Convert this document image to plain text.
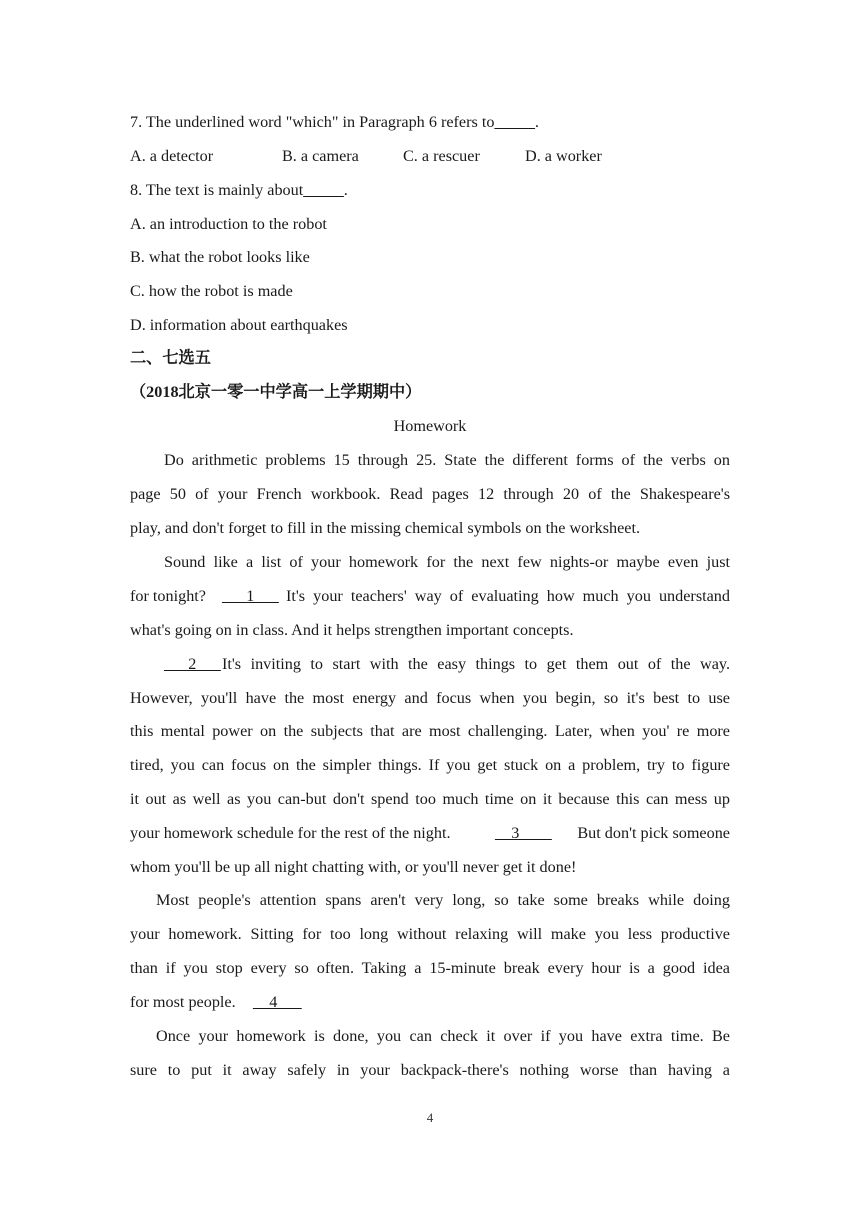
7. The underlined word "which" in Paragraph 6 refers to_____.
A. a detector	B. a camera	C. a rescuer	D. a worker
8. The text is mainly about_____.
A. an introduction to the robot
B. what the robot looks like
C. how the robot is made
D. information about earthquakes
二、七选五
（2018北京一零一中学高一上学期期中）
Homework
Do arithmetic problems 15 through 25. State the different forms of the verbs on
page 50 of your French workbook. Read pages 12 through 20 of the Shakespeare's
play, and don't forget to fill in the missing chemical symbols on the worksheet.
Sound like a list of your homework for the next few nights-or maybe even just
for tonight? ___1___ It's your teachers' way of evaluating how much you understand
what's going on in class. And it helps strengthen important concepts.
___2___ It's inviting to start with the easy things to get them out of the way.
However, you'll have the most energy and focus when you begin, so it's best to use
this mental power on the subjects that are most challenging. Later, when you' re more
tired, you can focus on the simpler things. If you get stuck on a problem, try to figure
it out as well as you can-but don't spend too much time on it because this can mess up
your homework schedule for the rest of the night.	__3____	But don't pick someone
whom you'll be up all night chatting with, or you'll never get it done!
Most people's attention spans aren't very long, so take some breaks while doing
your homework. Sitting for too long without relaxing will make you less productive
than if you stop every so often. Taking a 15-minute break every hour is a good idea
for most people. __4___
Once your homework is done, you can check it over if you have extra time. Be
sure to put it away safely in your backpack-there's nothing worse than having a
4
